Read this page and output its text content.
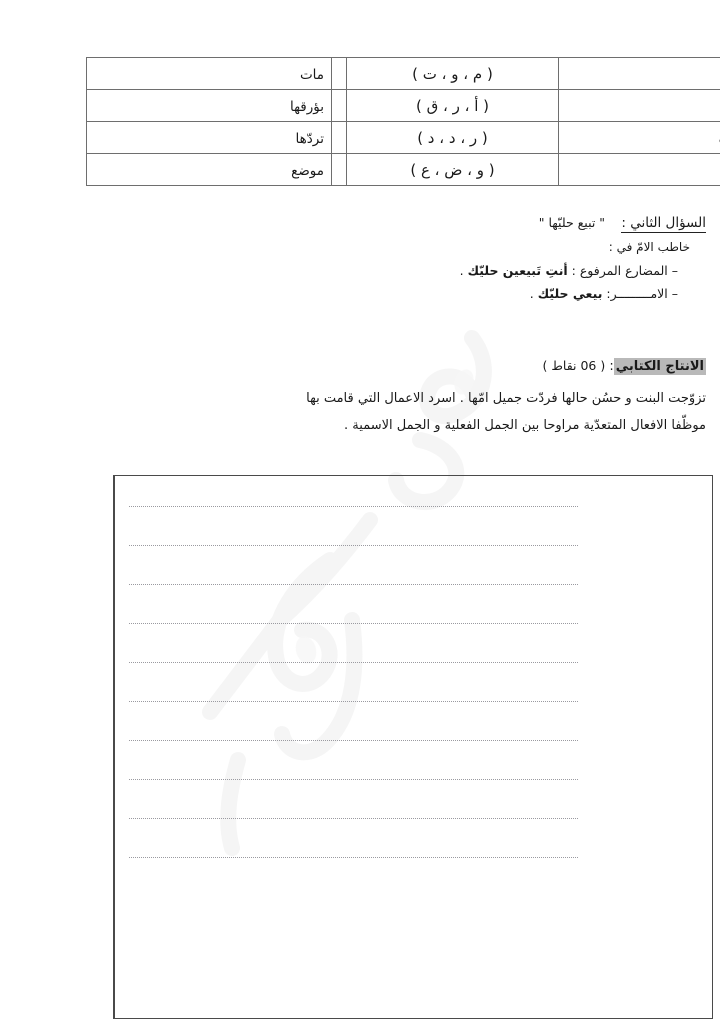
	( م ، و ، ت )		مات
	( أ ، ر ، ق )		بؤرقها
	( ر ، د ، د )		تردّها
	( و ، ض ، ع )		موضع
السؤال الثاني : " تبيع حليّها "
خاطب الامّ في :
– المضارع المرفوع : أنتِ تَبيعين حليّك .
– الامـــــــــر: بيعي حليّك .
الانتاج الكتابي: ( 06 نقاط )
تزوّجت البنت و حسُن حالها فردّت جميل امّها . اسرد الاعمال التي قامت بها
موظّفا الافعال المتعدّية مراوحا بين الجمل الفعلية و الجمل الاسمية .
